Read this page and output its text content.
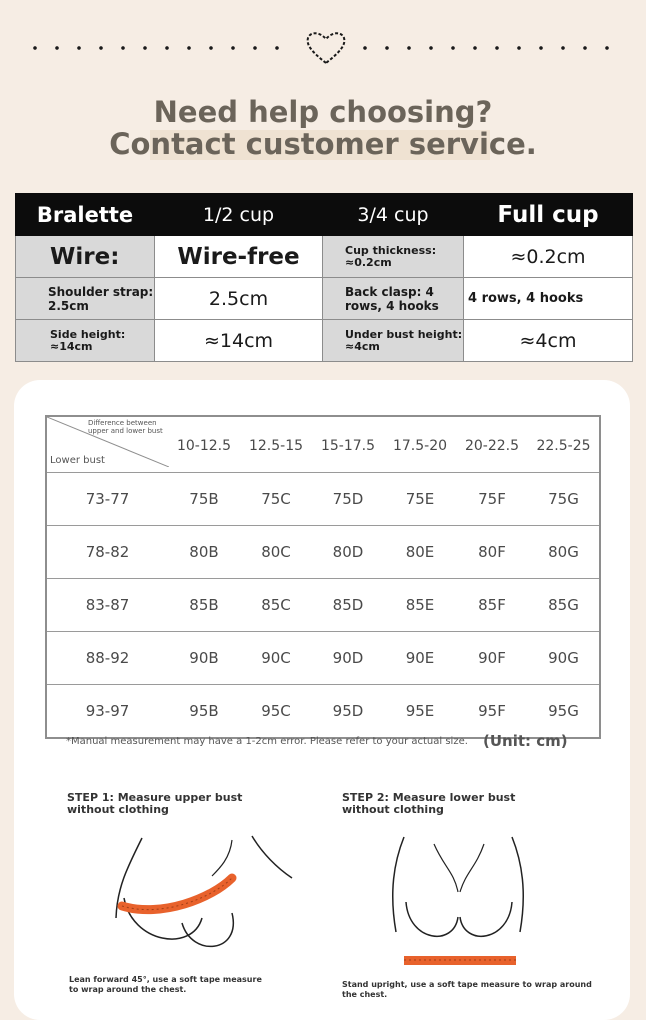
Need help choosing? Contact customer service.
Bralette	1/2 cup	3/4 cup	Full cup
Wire:	Wire-free	Cup thickness: ≈0.2cm	≈0.2cm
Shoulder strap: 2.5cm	2.5cm	Back clasp: 4 rows, 4 hooks	4 rows, 4 hooks
Side height: ≈14cm	≈14cm	Under bust height: ≈4cm	≈4cm
Difference between upper and lower bust
Lower bust	10-12.5	12.5-15	15-17.5	17.5-20	20-22.5	22.5-25
73-77	75B	75C	75D	75E	75F	75G
78-82	80B	80C	80D	80E	80F	80G
83-87	85B	85C	85D	85E	85F	85G
88-92	90B	90C	90D	90E	90F	90G
93-97	95B	95C	95D	95E	95F	95G
*Manual measurement may have a 1-2cm error. Please refer to your actual size. (Unit: cm)
STEP 1: Measure upper bust without clothing
STEP 2: Measure lower bust without clothing
Lean forward 45°, use a soft tape measure to wrap around the chest.
Stand upright, use a soft tape measure to wrap around the chest.
